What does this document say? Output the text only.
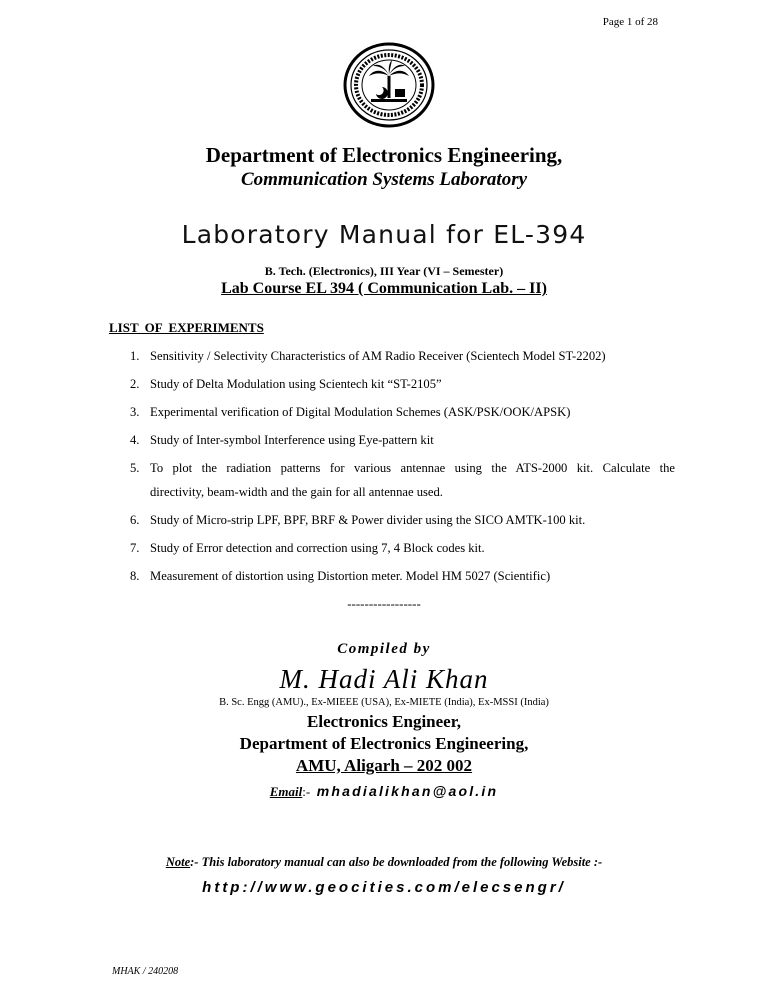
Page 1 of 28
Department of Electronics Engineering,
Communication Systems Laboratory
Laboratory Manual for EL-394
B. Tech. (Electronics), III Year (VI – Semester)
Lab Course EL 394 ( Communication Lab. – II)
LIST OF EXPERIMENTS
1. Sensitivity / Selectivity Characteristics of AM Radio Receiver (Scientech Model ST-2202)
2. Study of Delta Modulation using Scientech kit “ST-2105”
3. Experimental verification of Digital Modulation Schemes (ASK/PSK/OOK/APSK)
4. Study of Inter-symbol Interference using Eye-pattern kit
5. To plot the radiation patterns for various antennae using the ATS-2000 kit. Calculate the
directivity, beam-width and the gain for all antennae used.
6. Study of Micro-strip LPF, BPF, BRF & Power divider using the SICO AMTK-100 kit.
7. Study of Error detection and correction using 7, 4 Block codes kit.
8. Measurement of distortion using Distortion meter. Model HM 5027 (Scientific)
-----------------
Compiled by
M. Hadi Ali Khan
B. Sc. Engg (AMU)., Ex-MIEEE (USA), Ex-MIETE (India), Ex-MSSI (India)
Electronics Engineer,
Department of Electronics Engineering,
AMU, Aligarh – 202 002
Email:- mhadialikhan@aol.in
Note:- This laboratory manual can also be downloaded from the following Website :-
http://www.geocities.com/elecsengr/
MHAK / 240208
